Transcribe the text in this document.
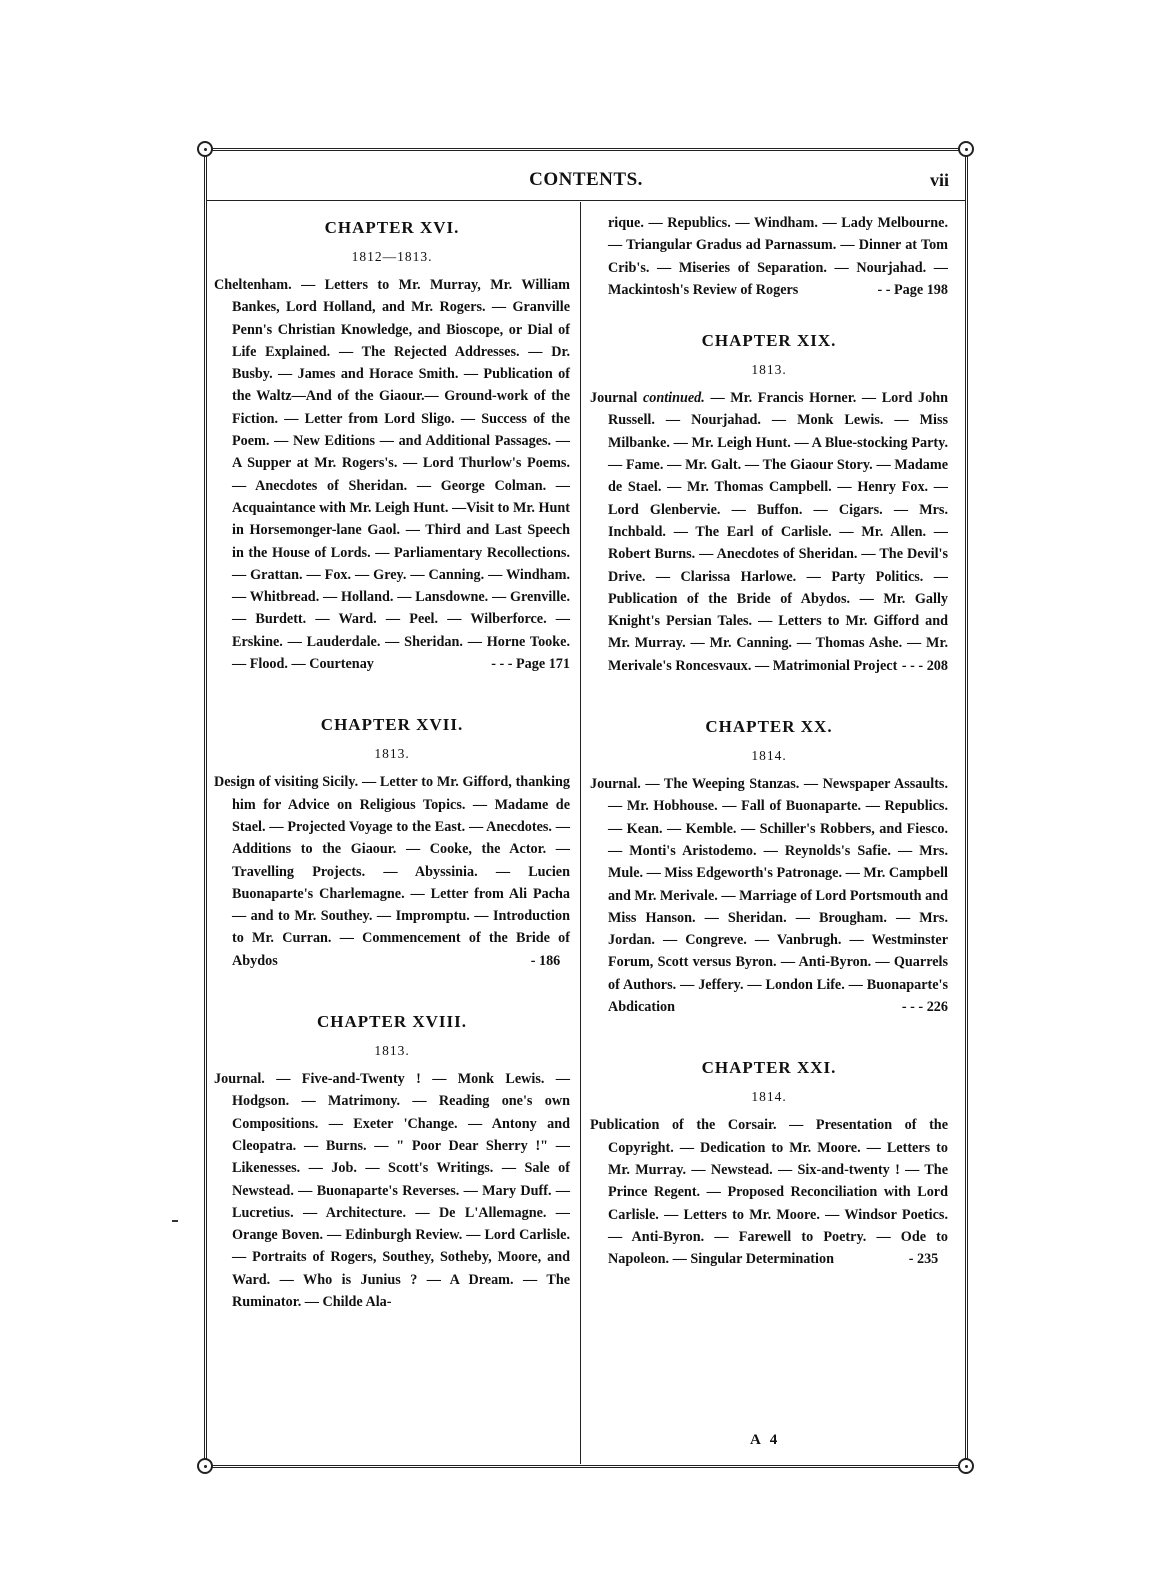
CONTENTS.	vii
CHAPTER XVI.
1812—1813.
Cheltenham. — Letters to Mr. Murray, Mr. William Bankes, Lord Holland, and Mr. Rogers. — Granville Penn's Christian Knowledge, and Bioscope, or Dial of Life Explained. — The Rejected Addresses. — Dr. Busby. — James and Horace Smith. — Publication of the Waltz—And of the Giaour.— Ground-work of the Fiction. — Letter from Lord Sligo. — Success of the Poem. — New Editions — and Additional Passages. — A Supper at Mr. Rogers's. — Lord Thurlow's Poems. — Anecdotes of Sheridan. — George Colman. — Acquaintance with Mr. Leigh Hunt. —Visit to Mr. Hunt in Horsemonger-lane Gaol. — Third and Last Speech in the House of Lords. — Parliamentary Recollections. — Grattan. — Fox. — Grey. — Canning. — Windham. — Whitbread. — Holland. — Lansdowne. — Grenville. — Burdett. — Ward. — Peel. — Wilberforce. — Erskine. — Lauderdale. — Sheridan. — Horne Tooke. — Flood. — Courtenay	- - - Page 171
CHAPTER XVII.
1813.
Design of visiting Sicily. — Letter to Mr. Gifford, thanking him for Advice on Religious Topics. — Madame de Stael. — Projected Voyage to the East. — Anecdotes. — Additions to the Giaour. — Cooke, the Actor. — Travelling Projects. — Abyssinia. — Lucien Buonaparte's Charlemagne. — Letter from Ali Pacha — and to Mr. Southey. — Impromptu. — Introduction to Mr. Curran. — Commencement of the Bride of Abydos	- 186
CHAPTER XVIII.
1813.
Journal. — Five-and-Twenty ! — Monk Lewis. — Hodgson. — Matrimony. — Reading one's own Compositions. — Exeter 'Change. — Antony and Cleopatra. — Burns. — " Poor Dear Sherry !" — Likenesses. — Job. — Scott's Writings. — Sale of Newstead. — Buonaparte's Reverses. — Mary Duff. — Lucretius. — Architecture. — De L'Allemagne. — Orange Boven. — Edinburgh Review. — Lord Carlisle. — Portraits of Rogers, Southey, Sotheby, Moore, and Ward. — Who is Junius ? — A Dream. — The Ruminator. — Childe Ala-
rique. — Republics. — Windham. — Lady Melbourne. — Triangular Gradus ad Parnassum. — Dinner at Tom Crib's. — Miseries of Separation. — Nourjahad. — Mackintosh's Review of Rogers	- - Page 198
CHAPTER XIX.
1813.
Journal continued. — Mr. Francis Horner. — Lord John Russell. — Nourjahad. — Monk Lewis. — Miss Milbanke. — Mr. Leigh Hunt. — A Blue-stocking Party. — Fame. — Mr. Galt. — The Giaour Story. — Madame de Stael. — Mr. Thomas Campbell. — Henry Fox. — Lord Glenbervie. — Buffon. — Cigars. — Mrs. Inchbald. — The Earl of Carlisle. — Mr. Allen. — Robert Burns. — Anecdotes of Sheridan. — The Devil's Drive. — Clarissa Harlowe. — Party Politics. — Publication of the Bride of Abydos. — Mr. Gally Knight's Persian Tales. — Letters to Mr. Gifford and Mr. Murray. — Mr. Canning. — Thomas Ashe. — Mr. Merivale's Roncesvaux. — Matrimonial Project - - - 208
CHAPTER XX.
1814.
Journal. — The Weeping Stanzas. — Newspaper Assaults. — Mr. Hobhouse. — Fall of Buonaparte. — Republics. — Kean. — Kemble. — Schiller's Robbers, and Fiesco. — Monti's Aristodemo. — Reynolds's Safie. — Mrs. Mule. — Miss Edgeworth's Patronage. — Mr. Campbell and Mr. Merivale. — Marriage of Lord Portsmouth and Miss Hanson. — Sheridan. — Brougham. — Mrs. Jordan. — Congreve. — Vanbrugh. — Westminster Forum, Scott versus Byron. — Anti-Byron. — Quarrels of Authors. — Jeffery. — London Life. — Buonaparte's Abdication	- - - 226
CHAPTER XXI.
1814.
Publication of the Corsair. — Presentation of the Copyright. — Dedication to Mr. Moore. — Letters to Mr. Murray. — Newstead. — Six-and-twenty ! — The Prince Regent. — Proposed Reconciliation with Lord Carlisle. — Letters to Mr. Moore. — Windsor Poetics. — Anti-Byron. — Farewell to Poetry. — Ode to Napoleon. — Singular Determination	- 235
A 4
